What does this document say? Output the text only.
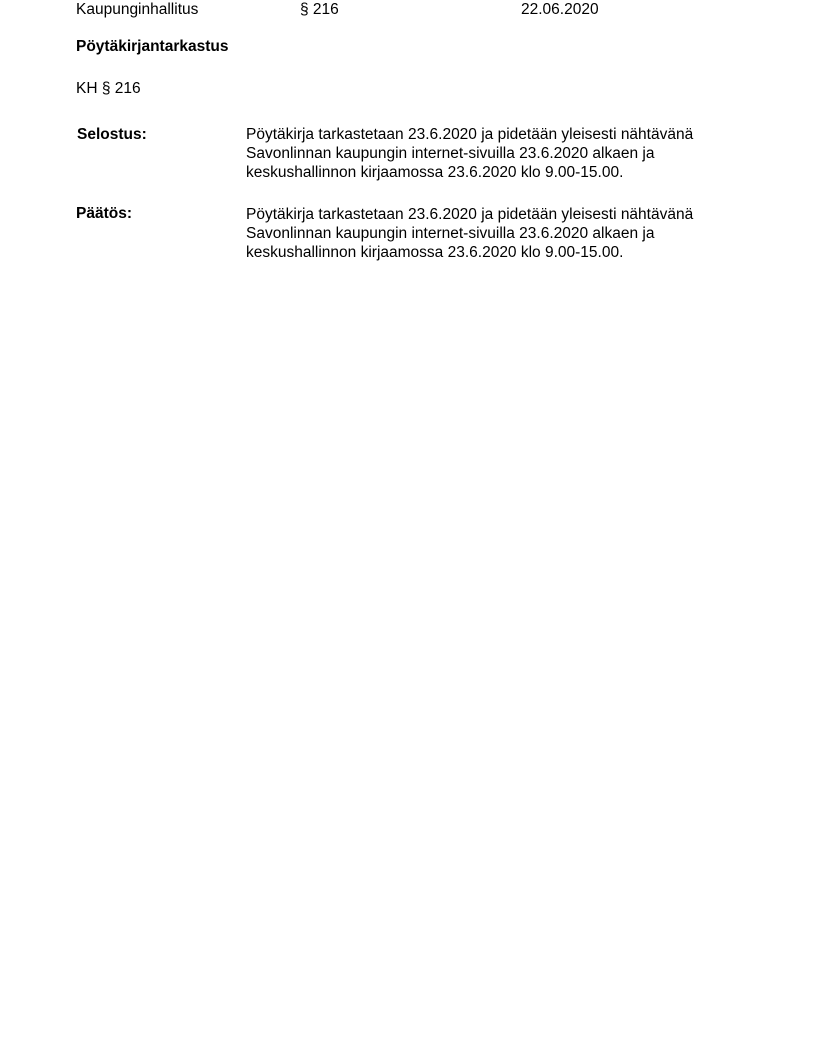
Kaupunginhallitus	§ 216	22.06.2020
Pöytäkirjantarkastus
KH § 216
Selostus:	Pöytäkirja tarkastetaan 23.6.2020 ja pidetään yleisesti nähtävänä
Savonlinnan kaupungin internet-sivuilla 23.6.2020 alkaen ja
keskushallinnon kirjaamossa 23.6.2020 klo 9.00-15.00.
Päätös:	Pöytäkirja tarkastetaan 23.6.2020 ja pidetään yleisesti nähtävänä
Savonlinnan kaupungin internet-sivuilla 23.6.2020 alkaen ja
keskushallinnon kirjaamossa 23.6.2020 klo 9.00-15.00.
